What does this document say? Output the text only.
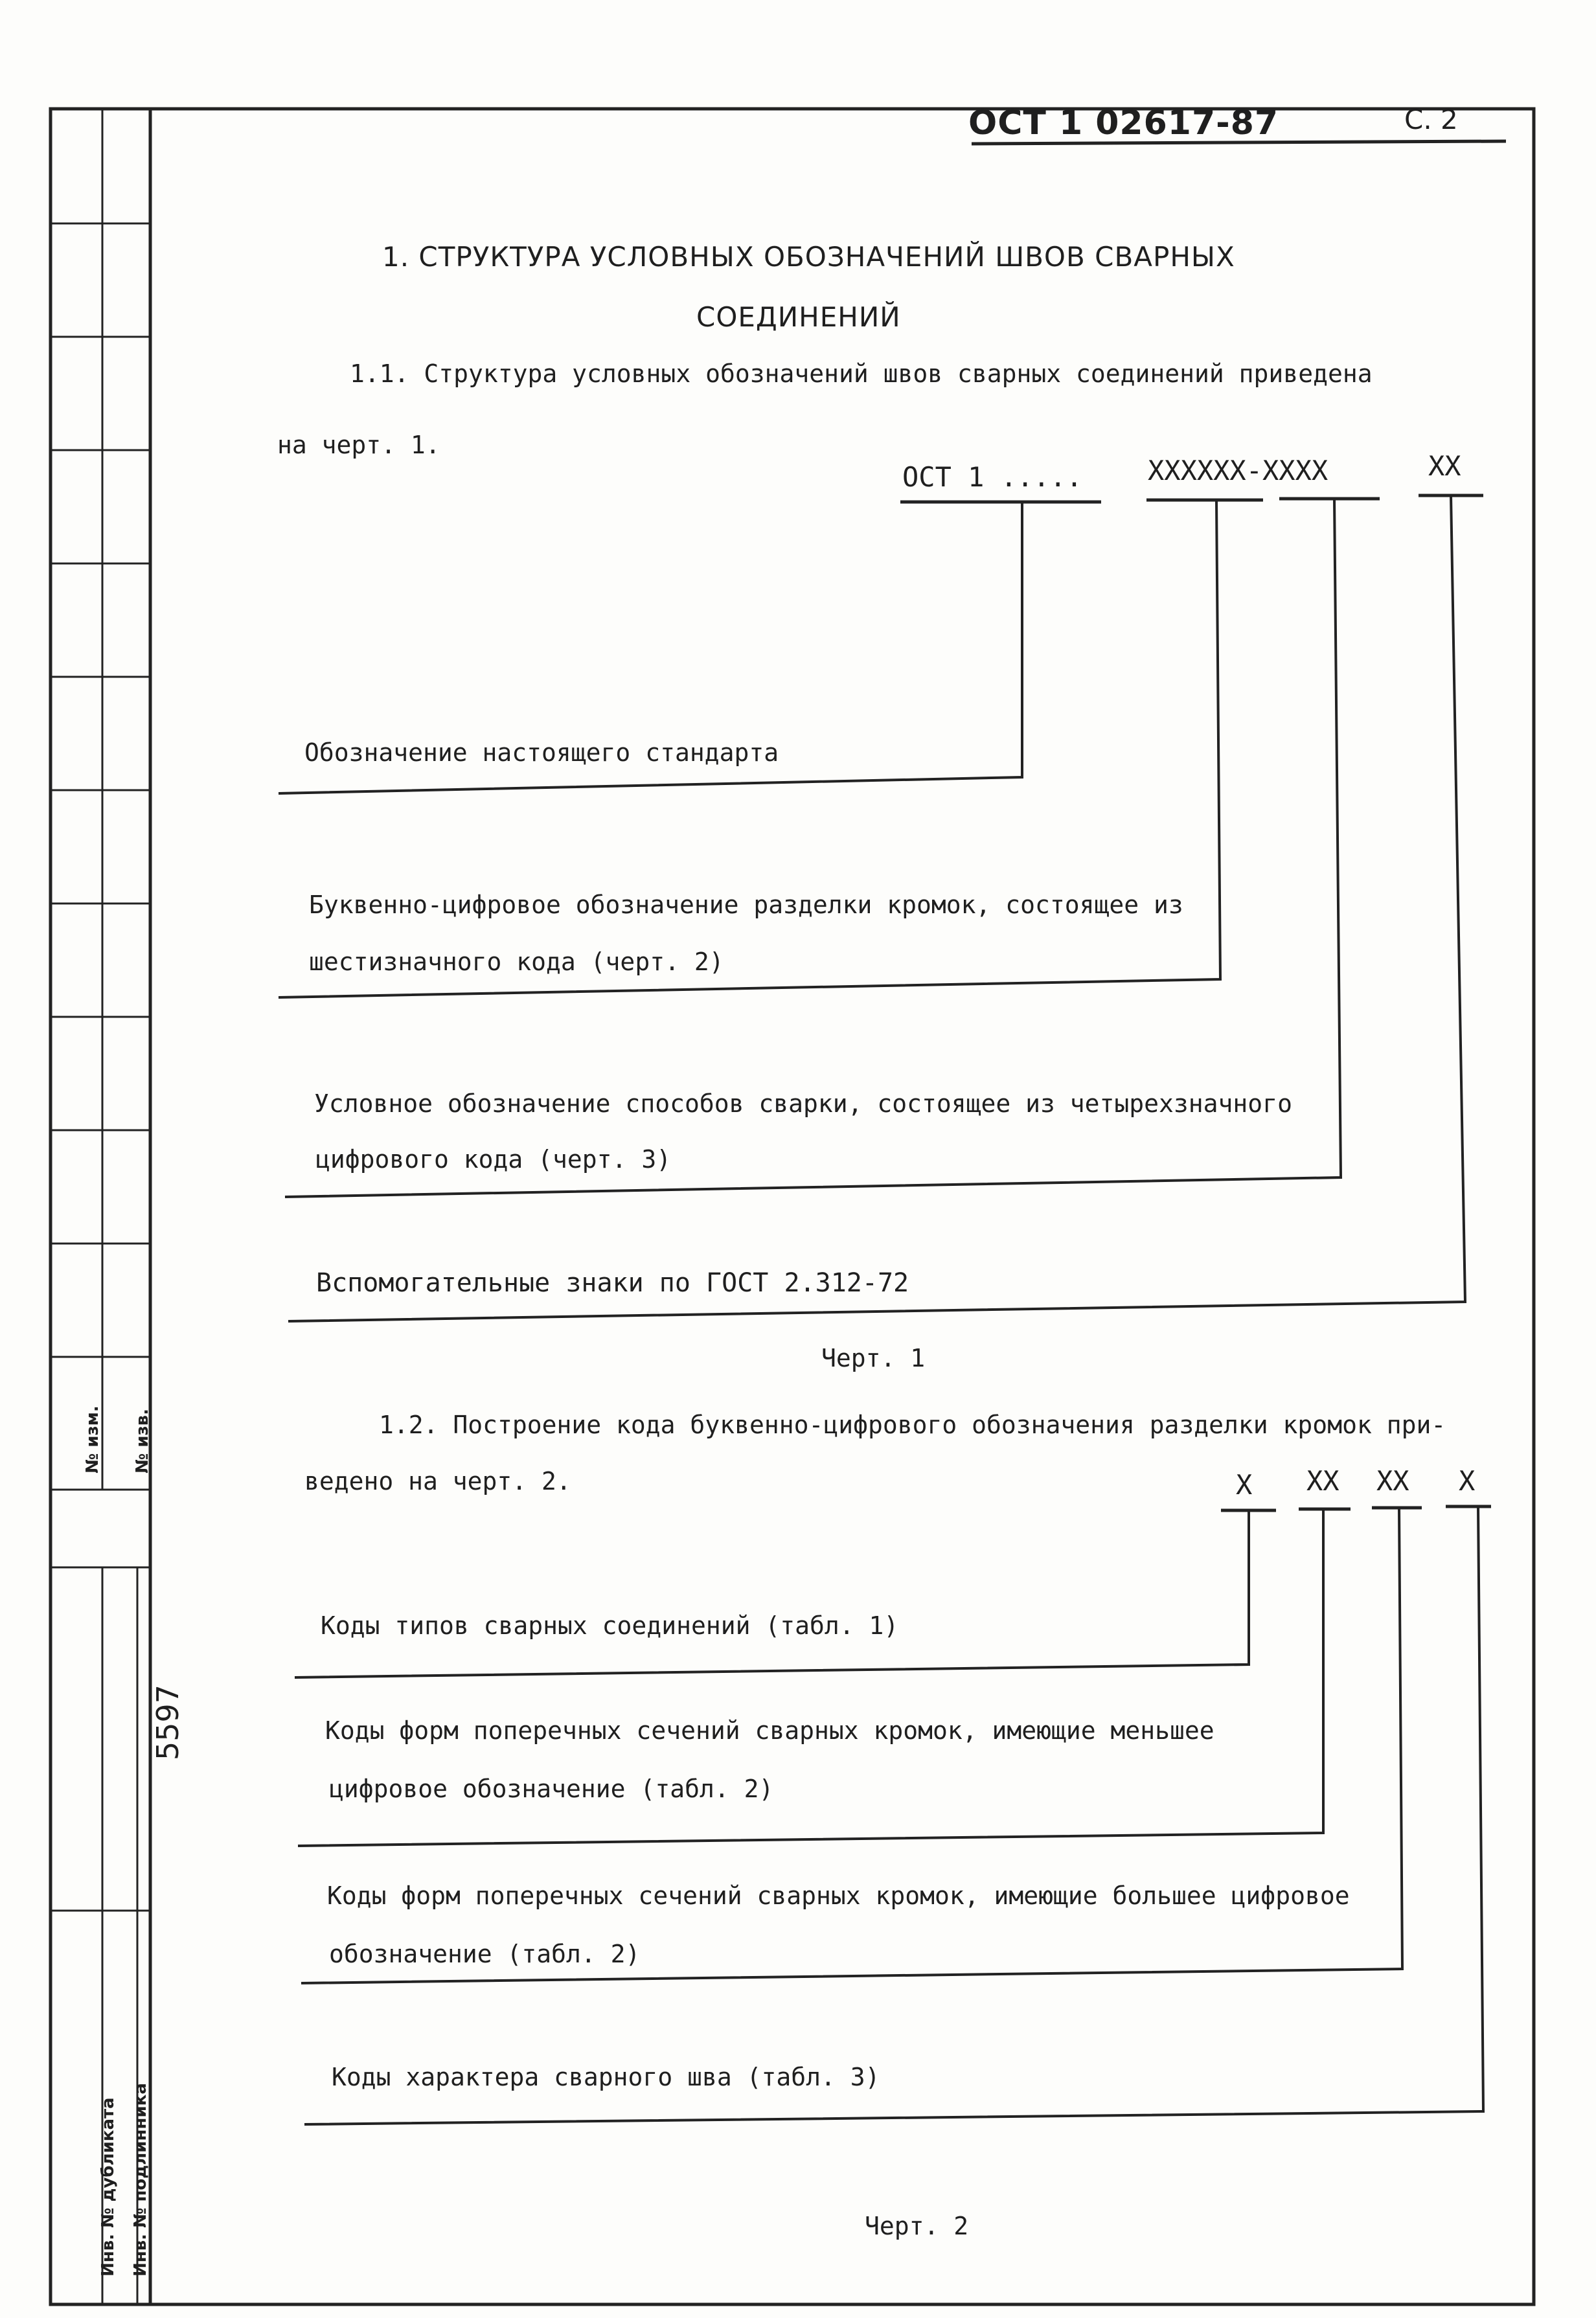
ОСТ 1 02617-87	С. 2
1. СТРУКТУРА УСЛОВНЫХ ОБОЗНАЧЕНИЙ ШВОВ СВАРНЫХ
СОЕДИНЕНИЙ
1.1. Структура условных обозначений швов сварных соединений приведена
на черт. 1.
ОСТ 1 ..... XXXXXX-XXXX	XX
Обозначение настоящего стандарта
Буквенно-цифровое обозначение разделки кромок, состоящее из
шестизначного кода (черт. 2)
Условное обозначение способов сварки, состоящее из четырехзначного
цифрового кода (черт. 3)
Вспомогательные знаки по ГОСТ 2.312-72
Черт. 1
1.2. Построение кода буквенно-цифрового обозначения разделки кромок при-
ведено на черт. 2.	X XX XX X
Коды типов сварных соединений (табл. 1)
Коды форм поперечных сечений сварных кромок, имеющие меньшее
цифровое обозначение (табл. 2)
Коды форм поперечных сечений сварных кромок, имеющие большее цифровое
обозначение (табл. 2)
Коды характера сварного шва (табл. 3)
Черт. 2
№ изм. № изв.
5597
Инв. № дубликата Инв. № подлинника
